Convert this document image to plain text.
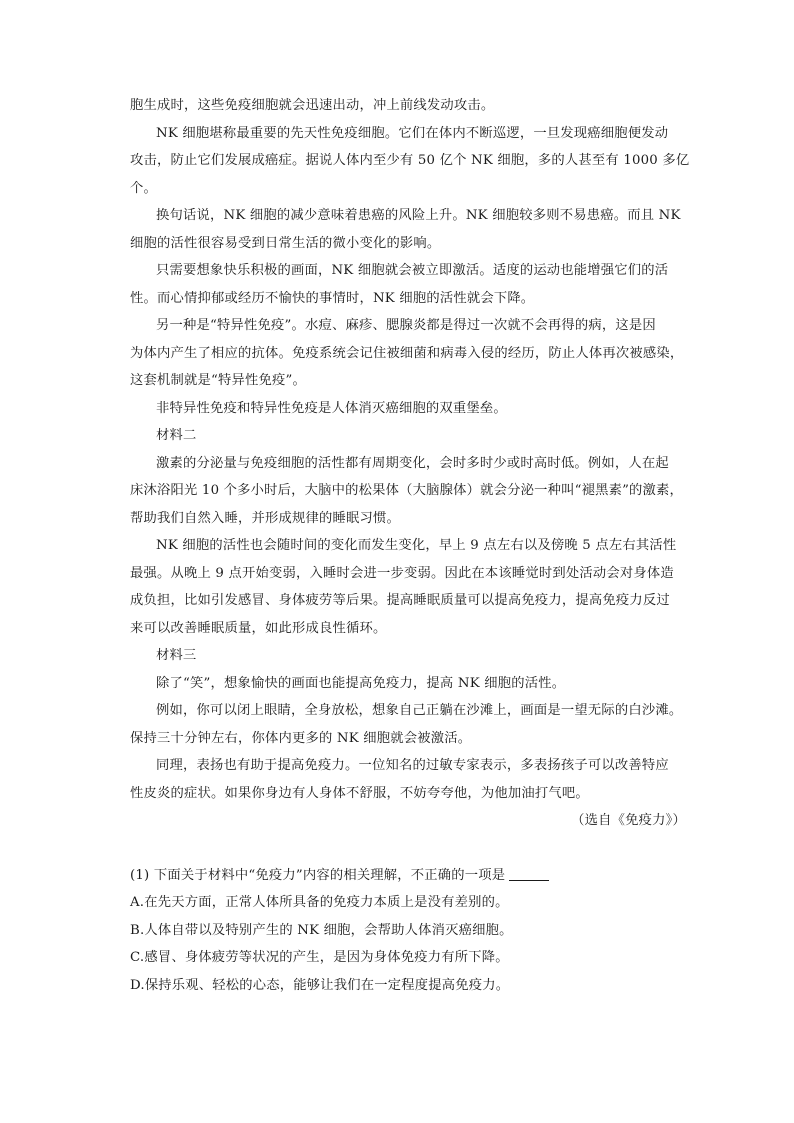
胞生成时，这些免疫细胞就会迅速出动，冲上前线发动攻击。
NK 细胞堪称最重要的先天性免疫细胞。它们在体内不断巡逻，一旦发现癌细胞便发动
攻击，防止它们发展成癌症。据说人体内至少有 50 亿个 NK 细胞，多的人甚至有 1000 多亿
个。
换句话说，NK 细胞的减少意味着患癌的风险上升。NK 细胞较多则不易患癌。而且 NK
细胞的活性很容易受到日常生活的微小变化的影响。
只需要想象快乐积极的画面，NK 细胞就会被立即激活。适度的运动也能增强它们的活
性。而心情抑郁或经历不愉快的事情时，NK 细胞的活性就会下降。
另一种是“特异性免疫”。水痘、麻疹、腮腺炎都是得过一次就不会再得的病，这是因
为体内产生了相应的抗体。免疫系统会记住被细菌和病毒入侵的经历，防止人体再次被感染，
这套机制就是“特异性免疫”。
非特异性免疫和特异性免疫是人体消灭癌细胞的双重堡垒。
材料二
激素的分泌量与免疫细胞的活性都有周期变化，会时多时少或时高时低。例如，人在起
床沐浴阳光 10 个多小时后，大脑中的松果体（大脑腺体）就会分泌一种叫“褪黑素”的激素，
帮助我们自然入睡，并形成规律的睡眠习惯。
NK 细胞的活性也会随时间的变化而发生变化，早上 9 点左右以及傍晚 5 点左右其活性
最强。从晚上 9 点开始变弱，入睡时会进一步变弱。因此在本该睡觉时到处活动会对身体造
成负担，比如引发感冒、身体疲劳等后果。提高睡眠质量可以提高免疫力，提高免疫力反过
来可以改善睡眠质量，如此形成良性循环。
材料三
除了“笑”，想象愉快的画面也能提高免疫力，提高 NK 细胞的活性。
例如，你可以闭上眼睛，全身放松，想象自己正躺在沙滩上，画面是一望无际的白沙滩。
保持三十分钟左右，你体内更多的 NK 细胞就会被激活。
同理，表扬也有助于提高免疫力。一位知名的过敏专家表示，多表扬孩子可以改善特应
性皮炎的症状。如果你身边有人身体不舒服，不妨夸夸他，为他加油打气吧。
（选自《免疫力》）
(1) 下面关于材料中“免疫力”内容的相关理解，不正确的一项是
A.在先天方面，正常人体所具备的免疫力本质上是没有差别的。
B.人体自带以及特别产生的 NK 细胞，会帮助人体消灭癌细胞。
C.感冒、身体疲劳等状况的产生，是因为身体免疫力有所下降。
D.保持乐观、轻松的心态，能够让我们在一定程度提高免疫力。
